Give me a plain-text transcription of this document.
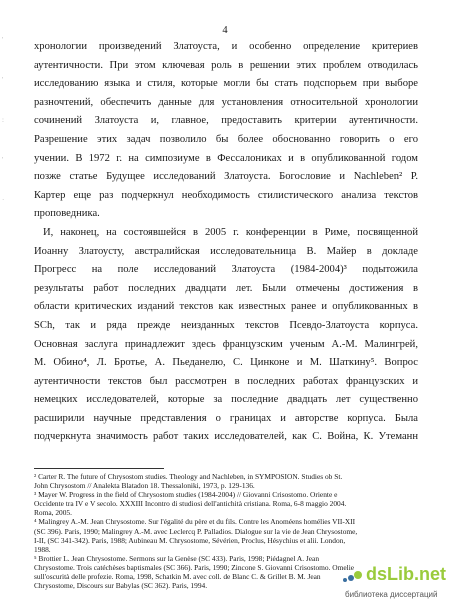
'
'
:
'
·
4
хронологии произведений Златоуста, и особенно определение критериев
аутентичности. При этом ключевая роль в решении этих проблем отводилась
исследованию языка и стиля, которые могли бы стать подспорьем при выборе
разночтений, обеспечить данные для установления относительной хронологии
сочинений Златоуста и, главное, предоставить критерии аутентичности.
Разрешение этих задач позволило бы более обоснованно говорить о его
учении. В 1972 г. на симпозиуме в Фессалониках и в опубликованной годом
позже статье Будущее исследований Златоуста. Богословие и Nachleben² Р.
Картер еще раз подчеркнул необходимость стилистического анализа текстов
проповедника.
И, наконец, на состоявшейся в 2005 г. конференции в Риме, посвященной
Иоанну Златоусту, австралийская исследовательница В. Майер в докладе
Прогресс на поле исследований Златоуста (1984-2004)³ подытожила
результаты работ последних двадцати лет. Были отмечены достижения в
области критических изданий текстов как известных ранее и опубликованных в
SCh, так и ряда прежде неизданных текстов Псевдо-Златоуста корпуса.
Основная заслуга принадлежит здесь французским ученым А.-М. Малингрей,
М. Обино⁴, Л. Бротье, А. Пьеданелю, С. Цинконе и М. Шаткину⁵. Вопрос
аутентичности текстов был рассмотрен в последних работах французских и
немецких исследователей, которые за последние двадцать лет существенно
расширили научные представления о границах и авторстве корпуса. Была
подчеркнута значимость работ таких исследователей, как С. Война, К. Утеманн
² Carter R. The future of Chrysostom studies. Theology and Nachleben, in SYMPOSION. Studies ob St.
John Chrysostom // Analekta Blatadon 18. Thessaloniki, 1973, p. 129-136.
³ Mayer W. Progress in the field of Chrysostom studies (1984-2004) // Giovanni Crisostomo. Oriente e
Occidente tra IV e V secolo. XXXIII Incontro di studiosi dell'antichità cristiana. Roma, 6-8 maggio 2004.
Roma, 2005.
⁴ Malingrey A.-M. Jean Chrysostome. Sur l'égalité du père et du fils. Contre les Anoméens homélies VII-XII
(SC 396). Paris, 1990; Malingrey A.-M. avec Leclercq P. Palladios. Dialogue sur la vie de Jean Chrysostome,
I-II, (SC 341-342). Paris, 1988; Aubineau M. Chrysostome, Sévérien, Proclus, Hésychius et alii. London,
1988.
⁵ Brottier L. Jean Chrysostome. Sermons sur la Genèse (SC 433). Paris, 1998; Piédagnel A. Jean
Chrysostome. Trois catéchèses baptismales (SC 366). Paris, 1990; Zincone S. Giovanni Crisostomo. Omelie
sull'oscurità delle profezie. Roma, 1998, Schatkin M. avec coll. de Blanc C. & Grillet B. M. Jean
Chrysostome, Discours sur Babylas (SC 362). Paris, 1994.
dsLib.net
библиотека диссертаций
